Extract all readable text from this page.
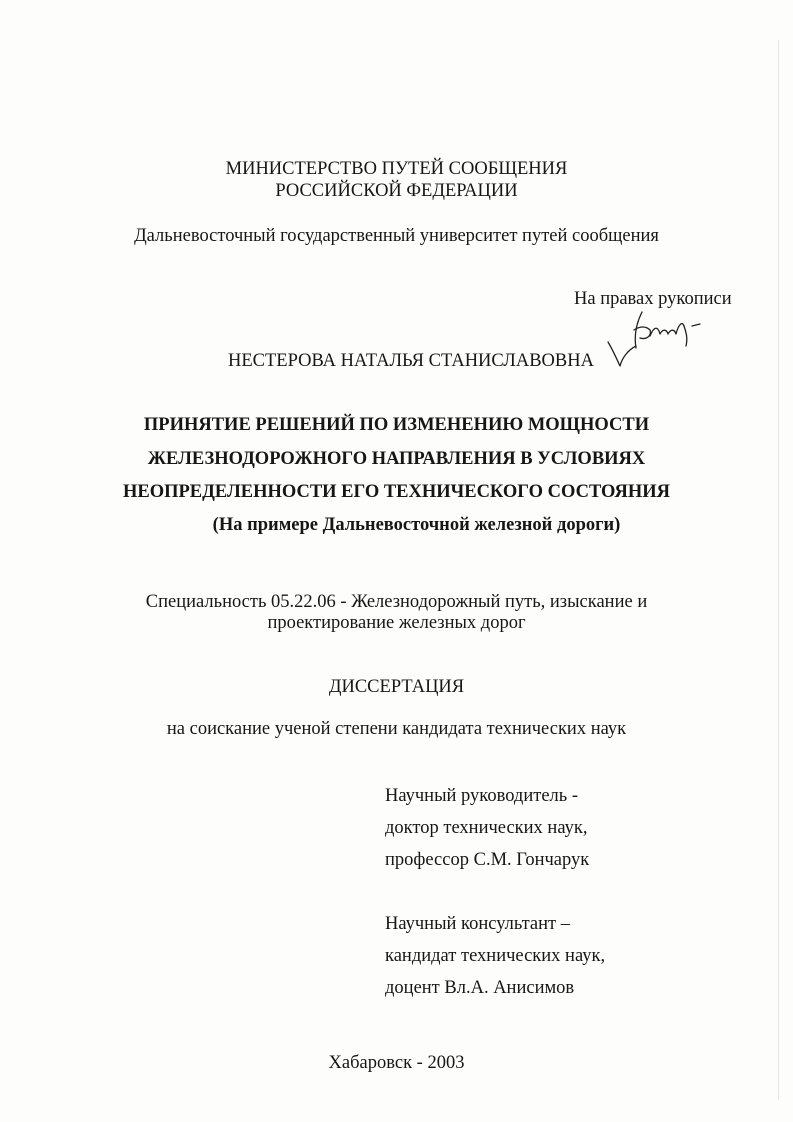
МИНИСТЕРСТВО ПУТЕЙ СООБЩЕНИЯ
РОССИЙСКОЙ ФЕДЕРАЦИИ
Дальневосточный государственный университет путей сообщения
На правах рукописи
НЕСТЕРОВА НАТАЛЬЯ СТАНИСЛАВОВНА
ПРИНЯТИЕ РЕШЕНИЙ ПО ИЗМЕНЕНИЮ МОЩНОСТИ
ЖЕЛЕЗНОДОРОЖНОГО НАПРАВЛЕНИЯ В УСЛОВИЯХ
НЕОПРЕДЕЛЕННОСТИ ЕГО ТЕХНИЧЕСКОГО СОСТОЯНИЯ
(На примере Дальневосточной железной дороги)
Специальность 05.22.06 - Железнодорожный путь, изыскание и
проектирование железных дорог
ДИССЕРТАЦИЯ
на соискание ученой степени кандидата технических наук
Научный руководитель -
доктор технических наук,
профессор С.М. Гончарук
Научный консультант –
кандидат технических наук,
доцент Вл.А. Анисимов
Хабаровск - 2003
